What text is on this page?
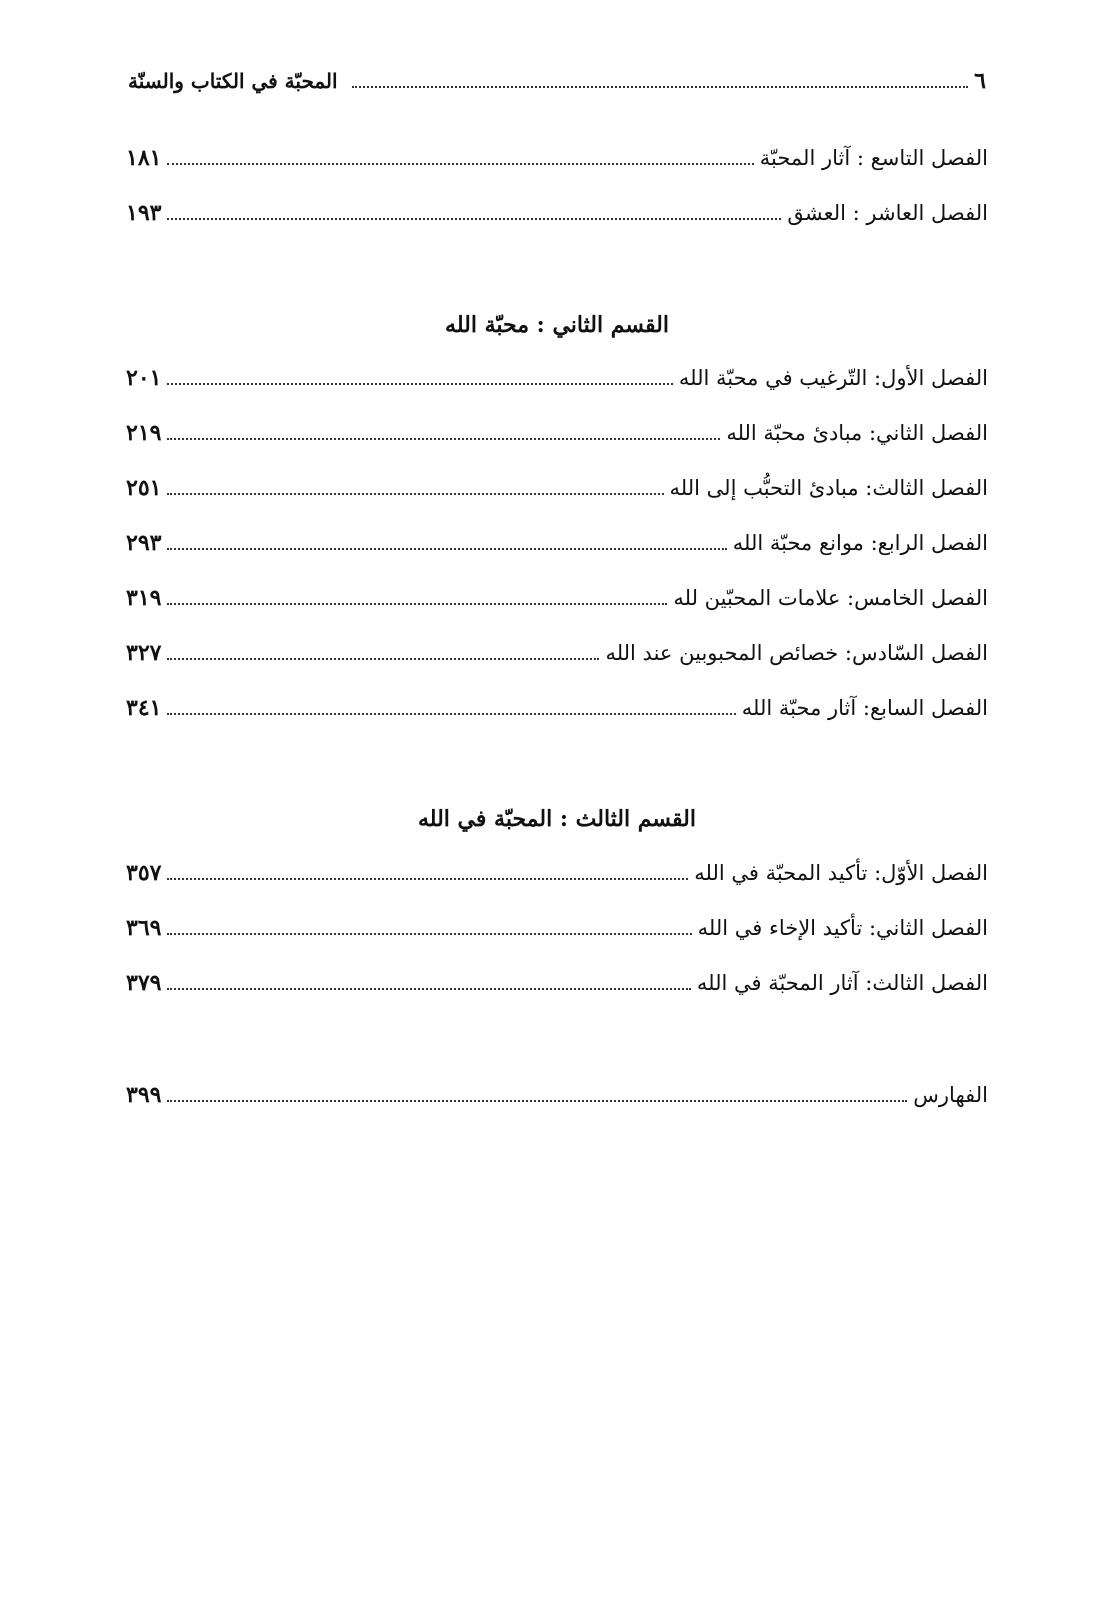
٦
المحبّة في الكتاب والسنّة
الفصل التاسع : آثار المحبّة
١٨١
الفصل العاشر : العشق
١٩٣
القسم الثاني : محبّة الله
الفصل الأول: التّرغيب في محبّة الله
٢٠١
الفصل الثاني: مبادئ محبّة الله
٢١٩
الفصل الثالث: مبادئ التحبُّب إلى الله
٢٥١
الفصل الرابع: موانع محبّة الله
٢٩٣
الفصل الخامس: علامات المحبّين لله
٣١٩
الفصل السّادس: خصائص المحبوبين عند الله
٣٢٧
الفصل السابع: آثار محبّة الله
٣٤١
القسم الثالث : المحبّة في الله
الفصل الأوّل: تأكيد المحبّة في الله
٣٥٧
الفصل الثاني: تأكيد الإخاء في الله
٣٦٩
الفصل الثالث: آثار المحبّة في الله
٣٧٩
الفهارس
٣٩٩
